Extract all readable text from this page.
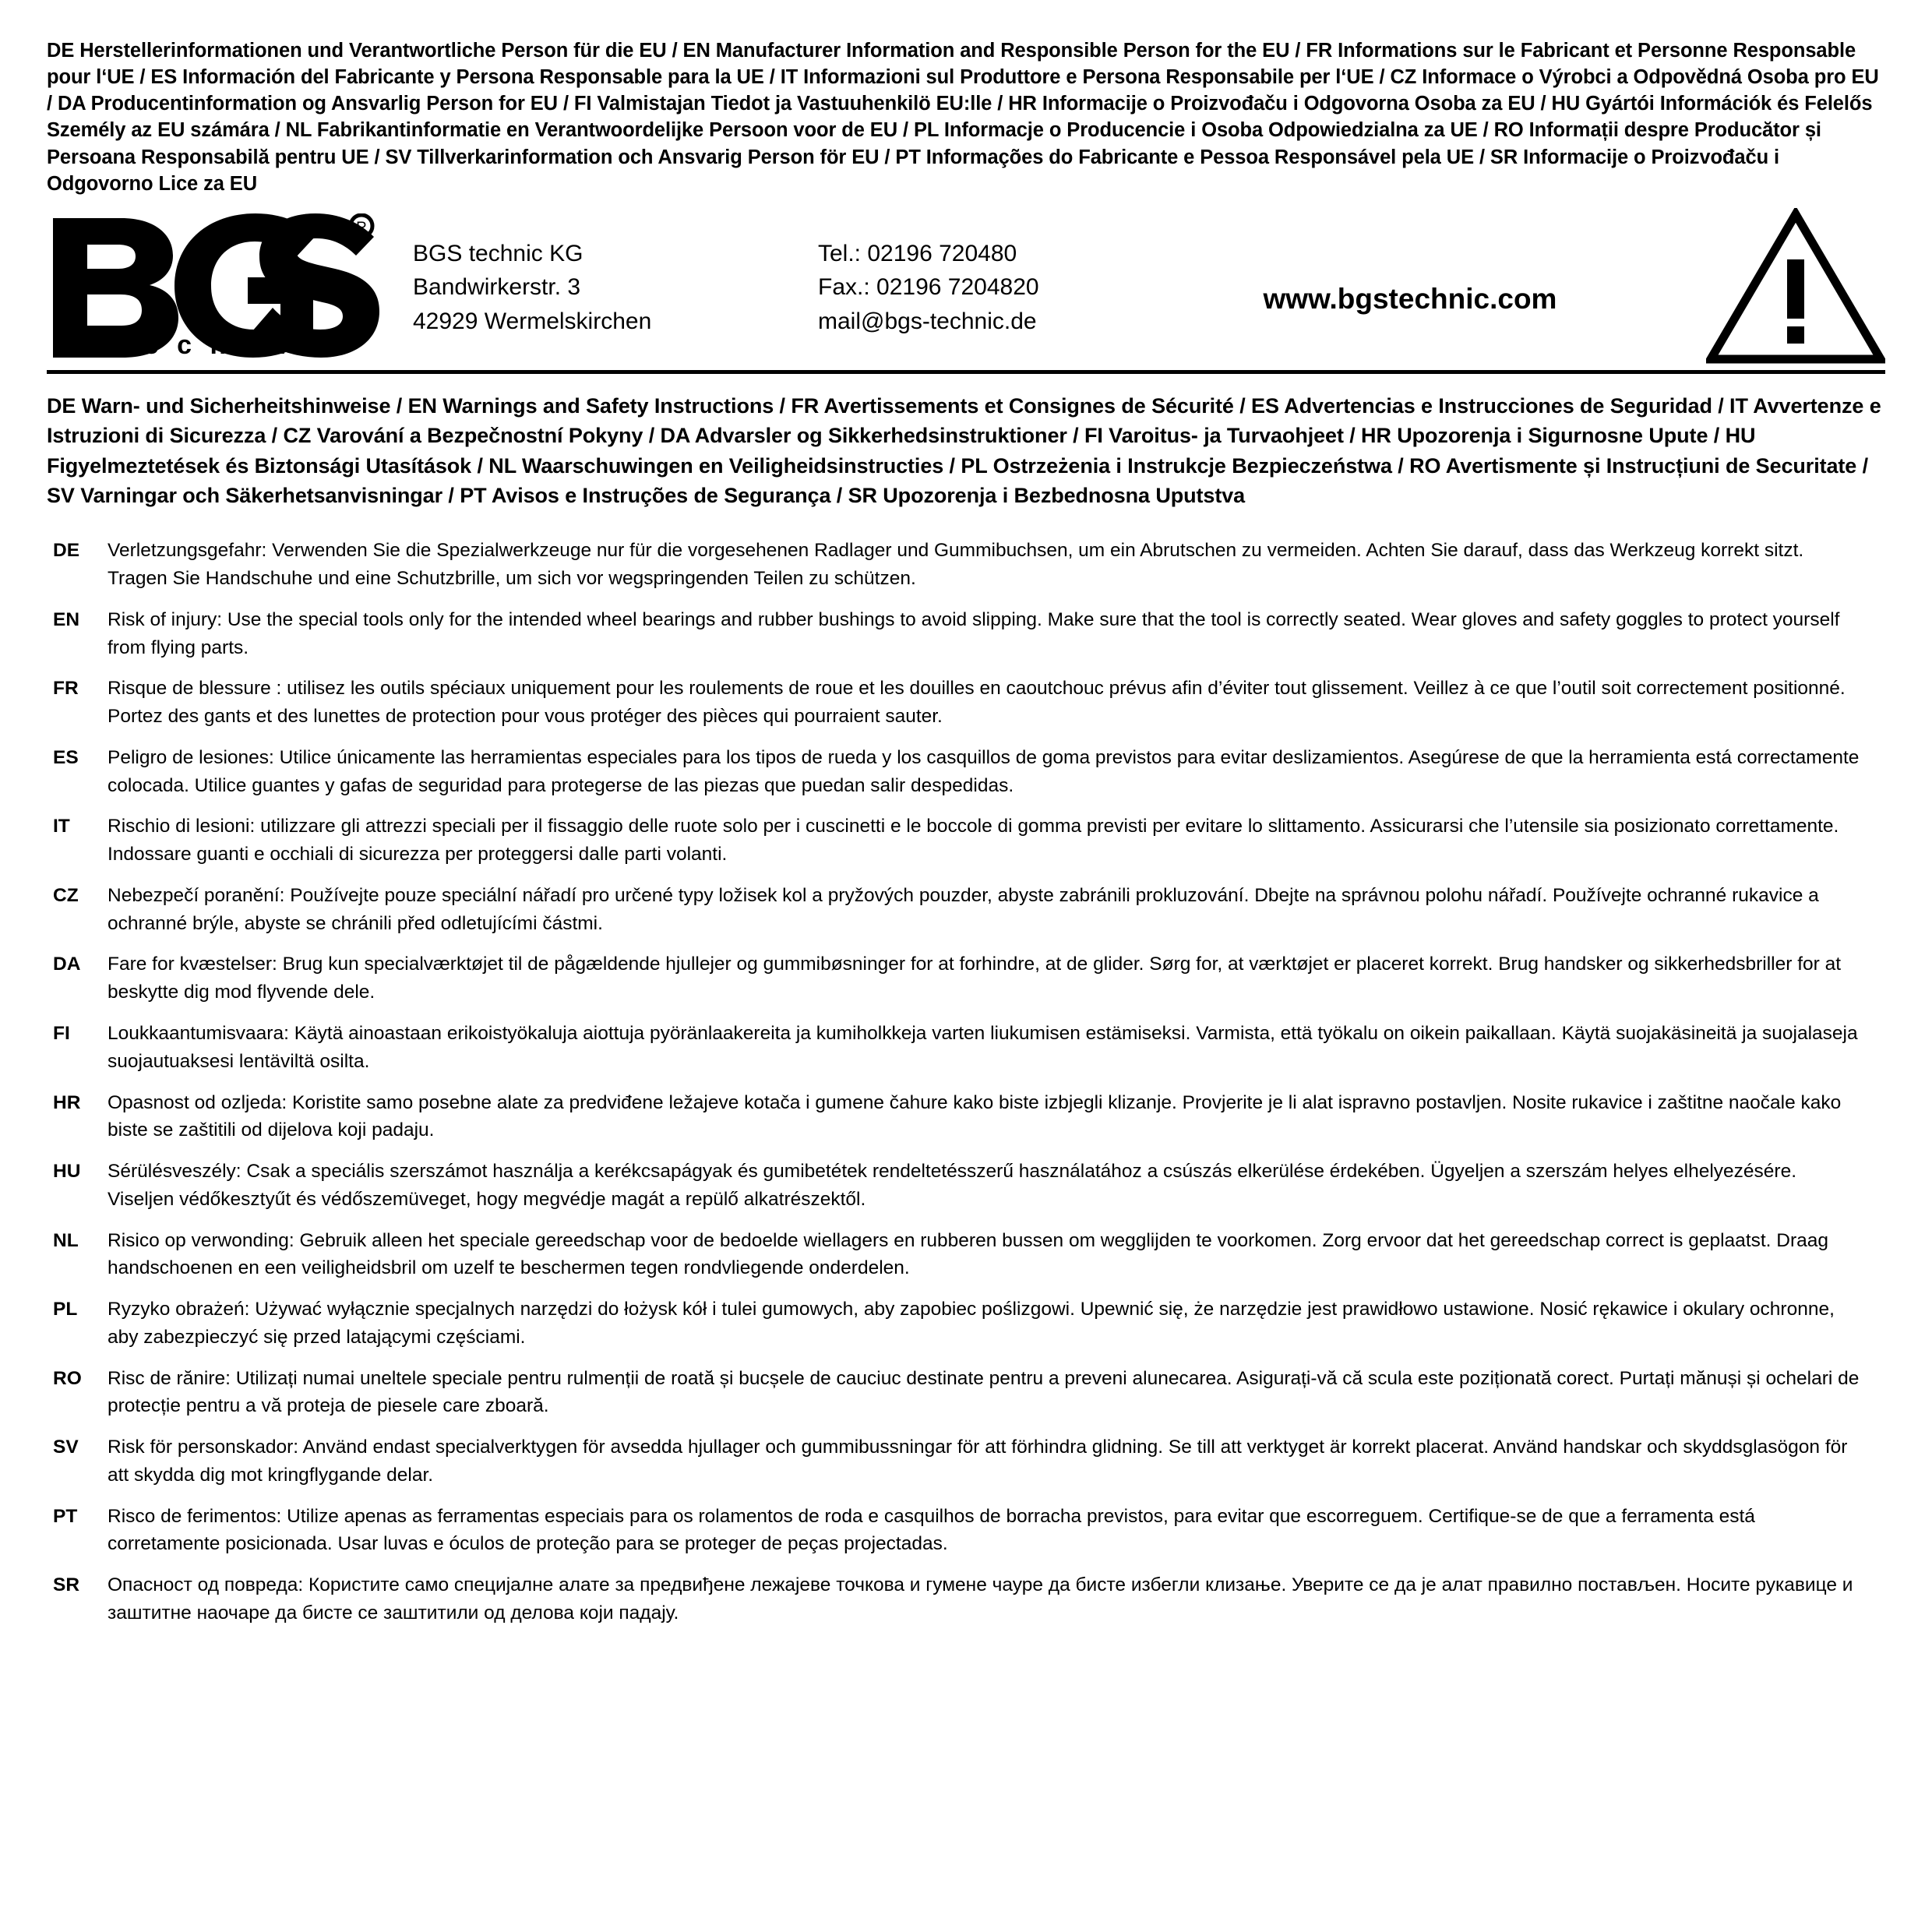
DE Herstellerinformationen und Verantwortliche Person für die EU / EN Manufacturer Information and Responsible Person for the EU / FR Informations sur le Fabricant et Personne Responsable pour l‘UE / ES Información del Fabricante y Persona Responsable para la UE / IT Informazioni sul Produttore e Persona Responsabile per l‘UE / CZ Informace o Výrobci a Odpovědná Osoba pro EU / DA Producentinformation og Ansvarlig Person for EU / FI Valmistajan Tiedot ja Vastuuhenkilö EU:lle / HR Informacije o Proizvođaču i Odgovorna Osoba za EU / HU Gyártói Információk és Felelős Személy az EU számára / NL Fabrikantinformatie en Verantwoordelijke Persoon voor de EU / PL Informacje o Producencie i Osoba Odpowiedzialna za UE / RO Informații despre Producător și Persoana Responsabilă pentru UE / SV Tillverkarinformation och Ansvarig Person för EU / PT Informações do Fabricante e Pessoa Responsável pela UE / SR Informacije o Proizvođaču i Odgovorno Lice za EU

R
t e c h n i c
BGS technic KG
Bandwirkerstr. 3
42929 Wermelskirchen
Tel.: 02196 720480
Fax.: 02196 7204820
mail@bgs-technic.de
www.bgstechnic.com

DE Warn- und Sicherheitshinweise / EN Warnings and Safety Instructions / FR Avertissements et Consignes de Sécurité / ES Advertencias e Instrucciones de Seguridad / IT Avvertenze e Istruzioni di Sicurezza / CZ Varování a Bezpečnostní Pokyny / DA Advarsler og Sikkerhedsinstruktioner / FI Varoitus- ja Turvaohjeet / HR Upozorenja i Sigurnosne Upute / HU Figyelmeztetések és Biztonsági Utasítások / NL Waarschuwingen en Veiligheidsinstructies / PL Ostrzeżenia i Instrukcje Bezpieczeństwa / RO Avertismente și Instrucțiuni de Securitate / SV Varningar och Säkerhetsanvisningar / PT Avisos e Instruções de Segurança / SR Upozorenja i Bezbednosna Uputstva

DE	Verletzungsgefahr: Verwenden Sie die Spezialwerkzeuge nur für die vorgesehenen Radlager und Gummibuchsen, um ein Abrutschen zu vermeiden. Achten Sie darauf, dass das Werkzeug korrekt sitzt. Tragen Sie Handschuhe und eine Schutzbrille, um sich vor wegspringenden Teilen zu schützen.
EN	Risk of injury: Use the special tools only for the intended wheel bearings and rubber bushings to avoid slipping. Make sure that the tool is correctly seated. Wear gloves and safety goggles to protect yourself from flying parts.
FR	Risque de blessure : utilisez les outils spéciaux uniquement pour les roulements de roue et les douilles en caoutchouc prévus afin d’éviter tout glissement. Veillez à ce que l’outil soit correctement positionné. Portez des gants et des lunettes de protection pour vous protéger des pièces qui pourraient sauter.
ES	Peligro de lesiones: Utilice únicamente las herramientas especiales para los tipos de rueda y los casquillos de goma previstos para evitar deslizamientos. Asegúrese de que la herramienta está correctamente colocada. Utilice guantes y gafas de seguridad para protegerse de las piezas que puedan salir despedidas.
IT	Rischio di lesioni: utilizzare gli attrezzi speciali per il fissaggio delle ruote solo per i cuscinetti e le boccole di gomma previsti per evitare lo slittamento. Assicurarsi che l’utensile sia posizionato correttamente. Indossare guanti e occhiali di sicurezza per proteggersi dalle parti volanti.
CZ	Nebezpečí poranění: Používejte pouze speciální nářadí pro určené typy ložisek kol a pryžových pouzder, abyste zabránili prokluzování. Dbejte na správnou polohu nářadí. Používejte ochranné rukavice a ochranné brýle, abyste se chránili před odletujícími částmi.
DA	Fare for kvæstelser: Brug kun specialværktøjet til de pågældende hjullejer og gummibøsninger for at forhindre, at de glider. Sørg for, at værktøjet er placeret korrekt. Brug handsker og sikkerhedsbriller for at beskytte dig mod flyvende dele.
FI	Loukkaantumisvaara: Käytä ainoastaan erikoistyökaluja aiottuja pyöränlaakereita ja kumiholkkeja varten liukumisen estämiseksi. Varmista, että työkalu on oikein paikallaan. Käytä suojakäsineitä ja suojalaseja suojautuaksesi lentäviltä osilta.
HR	Opasnost od ozljeda: Koristite samo posebne alate za predviđene ležajeve kotača i gumene čahure kako biste izbjegli klizanje. Provjerite je li alat ispravno postavljen. Nosite rukavice i zaštitne naočale kako biste se zaštitili od dijelova koji padaju.
HU	Sérülésveszély: Csak a speciális szerszámot használja a kerékcsapágyak és gumibetétek rendeltetésszerű használatához a csúszás elkerülése érdekében. Ügyeljen a szerszám helyes elhelyezésére. Viseljen védőkesztyűt és védőszemüveget, hogy megvédje magát a repülő alkatrészektől.
NL	Risico op verwonding: Gebruik alleen het speciale gereedschap voor de bedoelde wiellagers en rubberen bussen om wegglijden te voorkomen. Zorg ervoor dat het gereedschap correct is geplaatst. Draag handschoenen en een veiligheidsbril om uzelf te beschermen tegen rondvliegende onderdelen.
PL	Ryzyko obrażeń: Używać wyłącznie specjalnych narzędzi do łożysk kół i tulei gumowych, aby zapobiec poślizgowi. Upewnić się, że narzędzie jest prawidłowo ustawione. Nosić rękawice i okulary ochronne, aby zabezpieczyć się przed latającymi częściami.
RO	Risc de rănire: Utilizați numai uneltele speciale pentru rulmenții de roată și bucșele de cauciuc destinate pentru a preveni alunecarea. Asigurați-vă că scula este poziționată corect. Purtați mănuși și ochelari de protecție pentru a vă proteja de piesele care zboară.
SV	Risk för personskador: Använd endast specialverktygen för avsedda hjullager och gummibussningar för att förhindra glidning. Se till att verktyget är korrekt placerat. Använd handskar och skyddsglasögon för att skydda dig mot kringflygande delar.
PT	Risco de ferimentos: Utilize apenas as ferramentas especiais para os rolamentos de roda e casquilhos de borracha previstos, para evitar que escorreguem. Certifique-se de que a ferramenta está corretamente posicionada. Usar luvas e óculos de proteção para se proteger de peças projectadas.
SR	Опасност од повреда: Користите само специјалне алате за предвиђене лежајеве точкова и гумене чауре да бисте избегли клизање. Уверите се да је алат правилно постављен. Носите рукавице и заштитне наочаре да бисте се заштитили од делова који падају.
